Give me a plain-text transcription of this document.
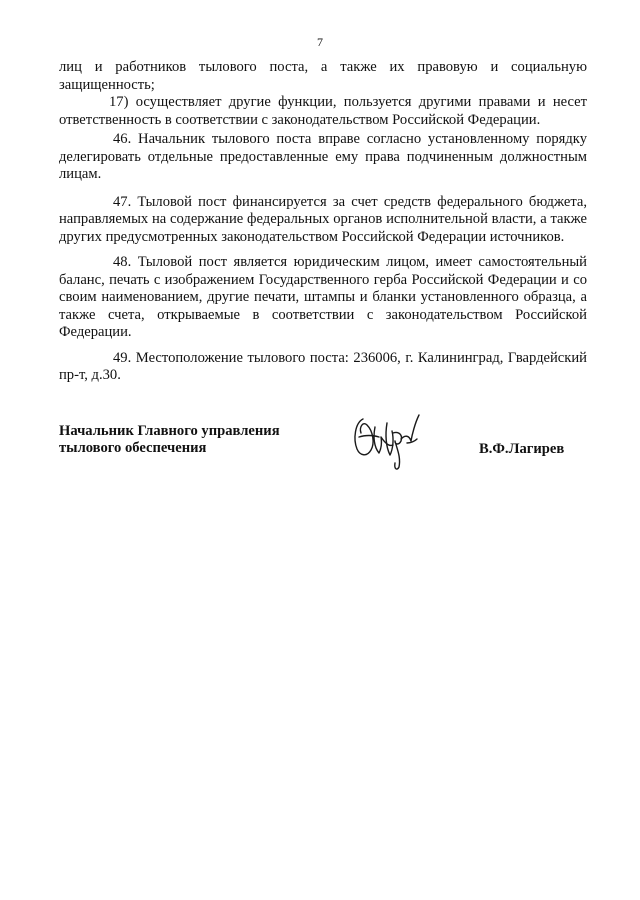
7

лиц и работников тылового поста, а также их правовую и социальную защищенность;

17) осуществляет другие функции, пользуется другими правами и несет ответственность в соответствии с законодательством Российской Федерации.

46. Начальник тылового поста вправе согласно установленному порядку делегировать отдельные предоставленные ему права подчиненным должностным лицам.

47. Тыловой пост финансируется за счет средств федерального бюджета, направляемых на содержание федеральных органов исполнительной власти, а также других предусмотренных законодательством Российской Федерации источников.

48. Тыловой пост является юридическим лицом, имеет самостоятельный баланс, печать с изображением Государственного герба Российской Федерации и со своим наименованием, другие печати, штампы и бланки установленного образца, а также счета, открываемые в соответствии с законодательством Российской Федерации.

49. Местоположение тылового поста: 236006, г. Калининград, Гвардейский пр-т, д.30.

Начальник Главного управления
тылового обеспечения	В.Ф.Лагирев
